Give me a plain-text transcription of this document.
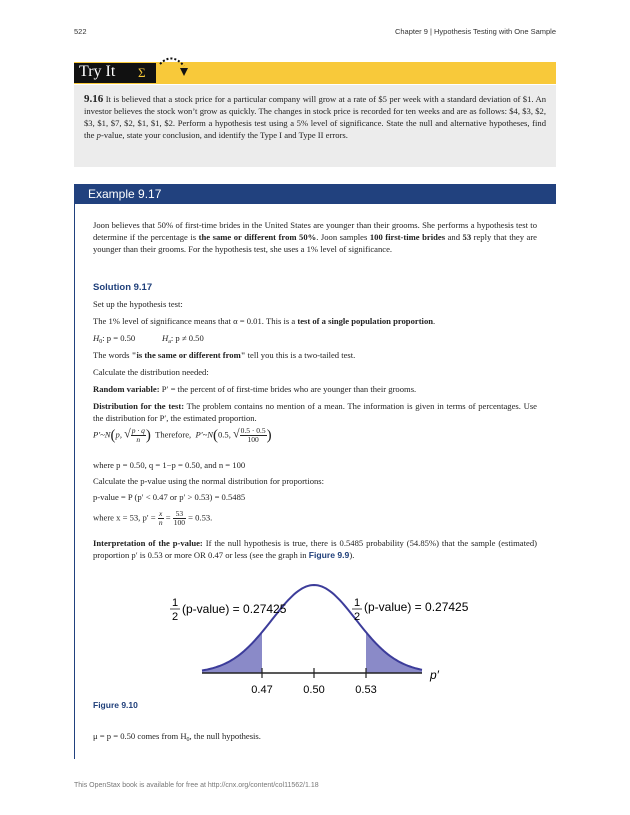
522	Chapter 9 | Hypothesis Testing with One Sample
Try It Σ
9.16 It is believed that a stock price for a particular company will grow at a rate of $5 per week with a standard deviation of $1. An investor believes the stock won’t grow as quickly. The changes in stock price is recorded for ten weeks and are as follows: $4, $3, $2, $3, $1, $7, $2, $1, $1, $2. Perform a hypothesis test using a 5% level of significance. State the null and alternative hypotheses, find the p-value, state your conclusion, and identify the Type I and Type II errors.
Example 9.17
Joon believes that 50% of first-time brides in the United States are younger than their grooms. She performs a hypothesis test to determine if the percentage is the same or different from 50%. Joon samples 100 first-time brides and 53 reply that they are younger than their grooms. For the hypothesis test, she uses a 1% level of significance.
Solution 9.17
Set up the hypothesis test:
The 1% level of significance means that α = 0.01. This is a test of a single population proportion.
$H_0$: p = 0.50	$H_a$: p ≠ 0.50
The words "is the same or different from" tell you this is a two-tailed test.
Calculate the distribution needed:
Random variable: P′ = the percent of of first-time brides who are younger than their grooms.
Distribution for the test: The problem contains no mention of a mean. The information is given in terms of percentages. Use the distribution for P′, the estimated proportion.
P′~N(p, √ $\frac{p \cdot q}{n}$ ) Therefore, P′~N(0.5, √ $\frac{0.5 \cdot 0.5}{100}$ )
where p = 0.50, q = 1−p = 0.50, and n = 100
Calculate the p-value using the normal distribution for proportions:
p-value = P (p′ < 0.47 or p′ > 0.53) = 0.5485
where x = 53, $p' = \frac{x}{n} = \frac{53}{100} = 0.53$.
Interpretation of the p-value: If the null hypothesis is true, there is 0.5485 probability (54.85%) that the sample (estimated) proportion p′ is 0.53 or more OR 0.47 or less (see the graph in Figure 9.9).
0.47	0.50	0.53
p′
1
2
(p-value) = 0.27425	1
2
(p-value) = 0.27425
Figure 9.10
μ = p = 0.50 comes from $H_0$, the null hypothesis.
This OpenStax book is available for free at http://cnx.org/content/col11562/1.18
